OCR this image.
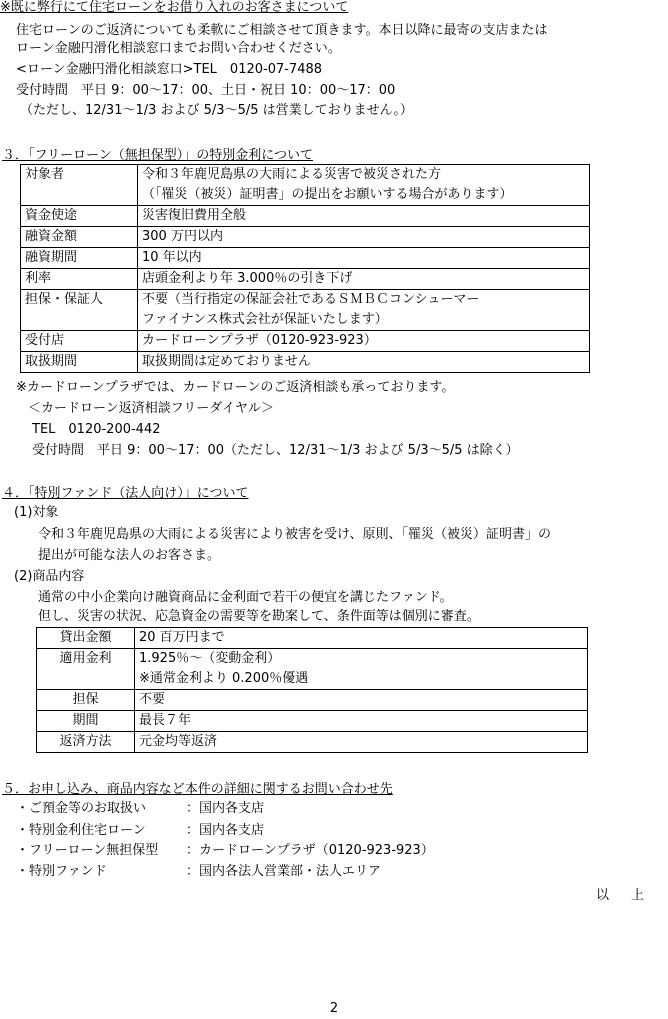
※既に弊行にて住宅ローンをお借り入れのお客さまについて
住宅ローンのご返済についても柔軟にご相談させて頂きます。本日以降に最寄の支店または
ローン金融円滑化相談窓口までお問い合わせください。
<ローン金融円滑化相談窓口>TEL　0120-07-7488
受付時間　平日 9：00～17：00、土日・祝日 10：00～17：00
（ただし、12/31～1/3 および 5/3～5/5 は営業しておりません。）
３．「フリーローン（無担保型）」の特別金利について
対象者	令和３年鹿児島県の大雨による災害で被災された方
（「罹災（被災）証明書」の提出をお願いする場合があります）

資金使途	災害復旧費用全般
融資金額	300 万円以内
融資期間	10 年以内
利率	店頭金利より年 3.000％の引き下げ
担保・保証人	不要（当行指定の保証会社であるＳＭＢＣコンシューマー
ファイナンス株式会社が保証いたします）

受付店	カードローンプラザ（0120-923-923）
取扱期間	取扱期間は定めておりません
※カードローンプラザでは、カードローンのご返済相談も承っております。
＜カードローン返済相談フリーダイヤル＞
TEL　0120-200-442
受付時間　平日 9：00～17：00（ただし、12/31～1/3 および 5/3～5/5 は除く）
４．「特別ファンド（法人向け）」について
(1)対象
令和３年鹿児島県の大雨による災害により被害を受け、原則、「罹災（被災）証明書」の
提出が可能な法人のお客さま。
(2)商品内容
通常の中小企業向け融資商品に金利面で若干の便宜を講じたファンド。
但し、災害の状況、応急資金の需要等を勘案して、条件面等は個別に審査。
貸出金額	20 百万円まで
適用金利	1.925％～（変動金利）
※通常金利より 0.200％優遇

担保	不要
期間	最長７年
返済方法	元金均等返済
５．お申し込み、商品内容など本件の詳細に関するお問い合わせ先
・ご預金等のお取扱い	：国内各支店
・特別金利住宅ローン	：国内各支店
・フリーローン無担保型 ：カードローンプラザ（0120-923-923）
・特別ファンド	：国内各法人営業部・法人エリア
以上
2
